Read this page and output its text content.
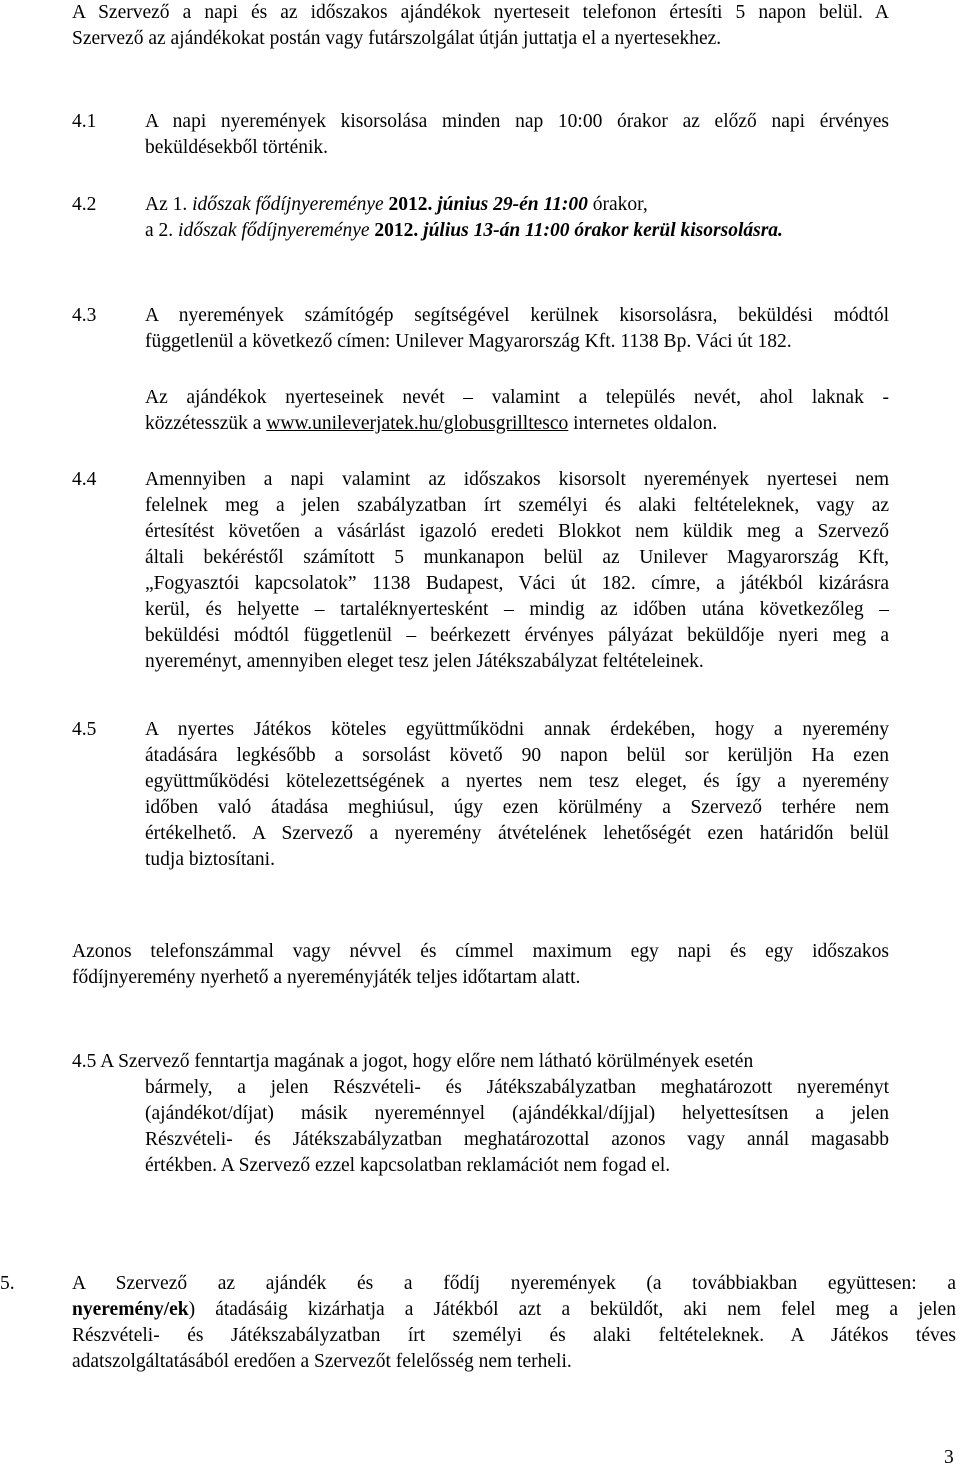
A Szervező a napi és az időszakos ajándékok nyerteseit telefonon értesíti 5 napon belül. A
Szervező az ajándékokat postán vagy futárszolgálat útján juttatja el a nyertesekhez.
4.1 A napi nyeremények kisorsolása minden nap 10:00 órakor az előző napi érvényes
beküldésekből történik.
4.2 Az 1. időszak fődíjnyereménye 2012. június 29-én 11:00 órakor,
a 2. időszak fődíjnyereménye 2012. július 13-án 11:00 órakor kerül kisorsolásra.
4.3 A nyeremények számítógép segítségével kerülnek kisorsolásra, beküldési módtól
függetlenül a következő címen: Unilever Magyarország Kft. 1138 Bp. Váci út 182.
Az ajándékok nyerteseinek nevét – valamint a település nevét, ahol laknak -
közzétesszük a www.unileverjatek.hu/globusgrilltesco internetes oldalon.
4.4 Amennyiben a napi valamint az időszakos kisorsolt nyeremények nyertesei nem
felelnek meg a jelen szabályzatban írt személyi és alaki feltételeknek, vagy az
értesítést követően a vásárlást igazoló eredeti Blokkot nem küldik meg a Szervező
általi bekéréstől számított 5 munkanapon belül az Unilever Magyarország Kft,
„Fogyasztói kapcsolatok” 1138 Budapest, Váci út 182. címre, a játékból kizárásra
kerül, és helyette – tartaléknyertesként – mindig az időben utána következőleg –
beküldési módtól függetlenül – beérkezett érvényes pályázat beküldője nyeri meg a
nyereményt, amennyiben eleget tesz jelen Játékszabályzat feltételeinek.
4.5 A nyertes Játékos köteles együttműködni annak érdekében, hogy a nyeremény
átadására legkésőbb a sorsolást követő 90 napon belül sor kerüljön Ha ezen
együttműködési kötelezettségének a nyertes nem tesz eleget, és így a nyeremény
időben való átadása meghiúsul, úgy ezen körülmény a Szervező terhére nem
értékelhető. A Szervező a nyeremény átvételének lehetőségét ezen határidőn belül
tudja biztosítani.
Azonos telefonszámmal vagy névvel és címmel maximum egy napi és egy időszakos
fődíjnyeremény nyerhető a nyereményjáték teljes időtartam alatt.
4.5 A Szervező fenntartja magának a jogot, hogy előre nem látható körülmények esetén
bármely, a jelen Részvételi- és Játékszabályzatban meghatározott nyereményt
(ajándékot/díjat) másik nyereménnyel (ajándékkal/díjjal) helyettesítsen a jelen
Részvételi- és Játékszabályzatban meghatározottal azonos vagy annál magasabb
értékben. A Szervező ezzel kapcsolatban reklamációt nem fogad el.
5.	A Szervező az ajándék és a fődíj nyeremények (a továbbiakban együttesen: a
nyeremény/ek) átadásáig kizárhatja a Játékból azt a beküldőt, aki nem felel meg a jelen
Részvételi- és Játékszabályzatban írt személyi és alaki feltételeknek. A Játékos téves
adatszolgáltatásából eredően a Szervezőt felelősség nem terheli.
3
